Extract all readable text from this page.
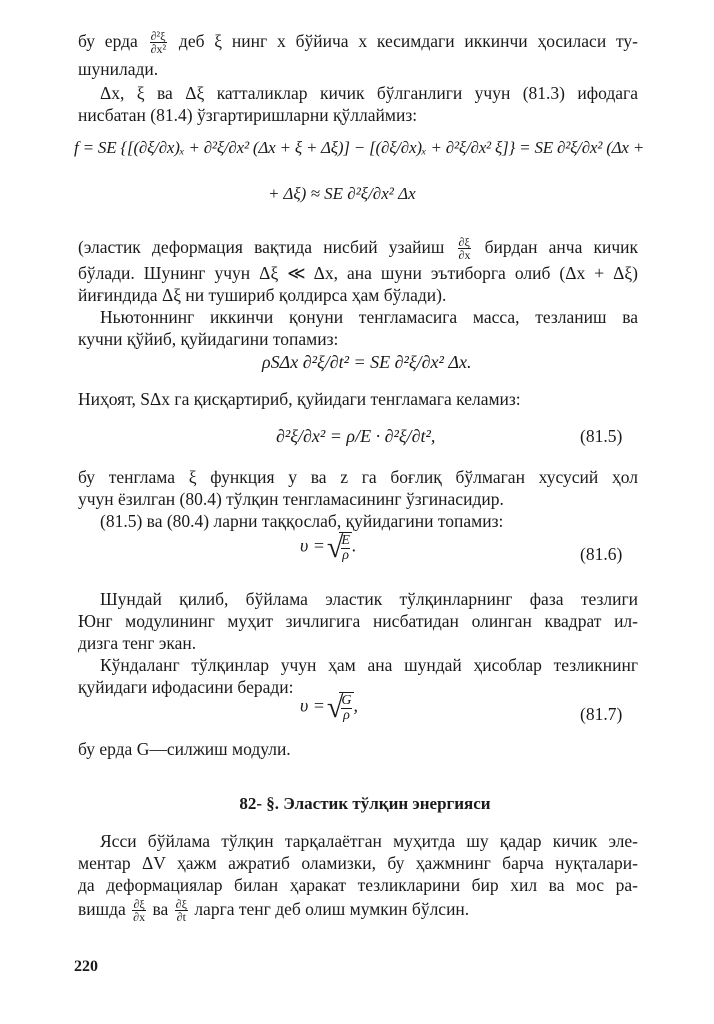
бу ерда $\frac{\text{∂²ξ}}{\text{∂x²}}$ деб ξ нинг x бўйича x кесимдаги иккинчи ҳосиласи ту-
шунилади.
Δx, ξ ва Δξ катталиклар кичик бўлганлиги учун (81.3) ифодага
нисбатан (81.4) ўзгартиришларни қўллаймиз:
f = SE {[(∂ξ/∂x)ₓ + ∂²ξ/∂x² (Δx + ξ + Δξ)] − [(∂ξ/∂x)ₓ + ∂²ξ/∂x² ξ]} = SE ∂²ξ/∂x² (Δx +
+ Δξ) ≈ SE ∂²ξ/∂x² Δx
(эластик деформация вақтида нисбий узайиш $\frac{\partial\xi}{\partial x}$ бирдан анча кичик
бўлади. Шунинг учун Δξ ≪ Δx, ана шуни эътиборга олиб (Δx + Δξ)
йиғиндида Δξ ни тушириб қолдирса ҳам бўлади).
Ньютоннинг иккинчи қонуни тенгламасига масса, тезланиш ва
кучни қўйиб, қуйидагини топамиз:
ρSΔx ∂²ξ/∂t² = SE ∂²ξ/∂x² Δx.
Ниҳоят, SΔx га қисқартириб, қуйидаги тенгламага келамиз:
∂²ξ/∂x² = ρ/E · ∂²ξ/∂t²,	(81.5)
бу тенглама ξ функция y ва z га боғлиқ бўлмаган хусусий ҳол
учун ёзилган (80.4) тўлқин тенгламасининг ўзгинасидир.
(81.5) ва (80.4) ларни таққослаб, қуйидагини топамиз:
υ =√
$\frac{E}{\rho}$ .	(81.6)
Шундай қилиб, бўйлама эластик тўлқинларнинг фаза тезлиги
Юнг модулининг муҳит зичлигига нисбатидан олинган квадрат ил-
дизга тенг экан.
Кўндаланг тўлқинлар учун ҳам ана шундай ҳисоблар тезликнинг
қуйидаги ифодасини беради:
υ =√
$\frac{G}{\rho}$ ,	(81.7)
бу ерда G—силжиш модули.
82- §. Эластик тўлқин энергияси
Ясси бўйлама тўлқин тарқалаётган муҳитда шу қадар кичик эле-
ментар ΔV ҳажм ажратиб оламизки, бу ҳажмнинг барча нуқталари-
да деформациялар билан ҳаракат тезликларини бир хил ва мос ра-
вишда $\frac{\partial\xi}{\partial x}$ ва $\frac{\partial\xi}{\partial t}$ ларга тенг деб олиш мумкин бўлсин.
220
